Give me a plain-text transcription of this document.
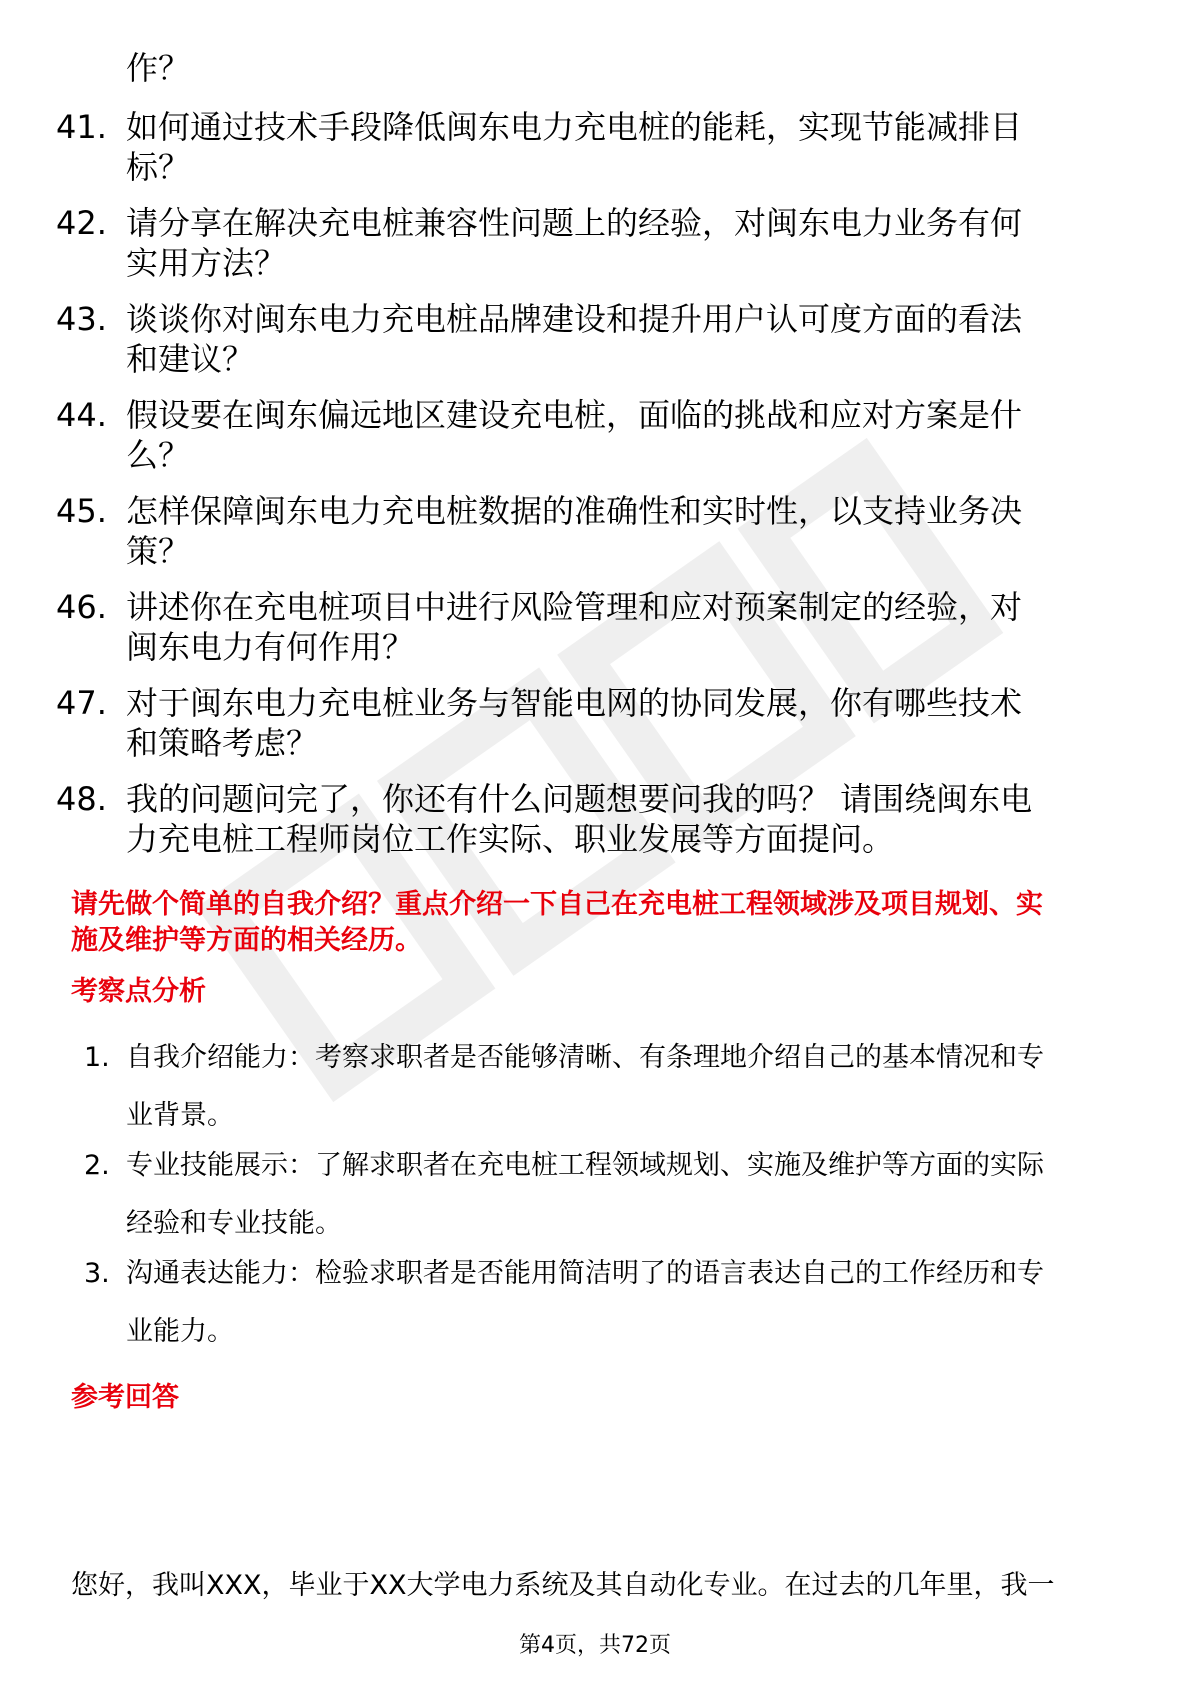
作？
41. 如何通过技术手段降低闽东电力充电桩的能耗，实现节能减排目
标？
42. 请分享在解决充电桩兼容性问题上的经验，对闽东电力业务有何
实用方法？
43. 谈谈你对闽东电力充电桩品牌建设和提升用户认可度方面的看法
和建议？
44. 假设要在闽东偏远地区建设充电桩，面临的挑战和应对方案是什
么？
45. 怎样保障闽东电力充电桩数据的准确性和实时性，以支持业务决
策？
46. 讲述你在充电桩项目中进行风险管理和应对预案制定的经验，对
闽东电力有何作用？
47. 对于闽东电力充电桩业务与智能电网的协同发展，你有哪些技术
和策略考虑？
48. 我的问题问完了，你还有什么问题想要问我的吗？ 请围绕闽东电
力充电桩工程师岗位工作实际、职业发展等方面提问。
请先做个简单的自我介绍？重点介绍一下自己在充电桩工程领域涉及项目规划、实
施及维护等方面的相关经历。
考察点分析
1. 自我介绍能力：考察求职者是否能够清晰、有条理地介绍自己的基本情况和专
业背景。
2. 专业技能展示：了解求职者在充电桩工程领域规划、实施及维护等方面的实际
经验和专业技能。
3. 沟通表达能力：检验求职者是否能用简洁明了的语言表达自己的工作经历和专
业能力。
参考回答
您好，我叫XXX，毕业于XX大学电力系统及其自动化专业。在过去的几年里，我一
第4页，共72页
